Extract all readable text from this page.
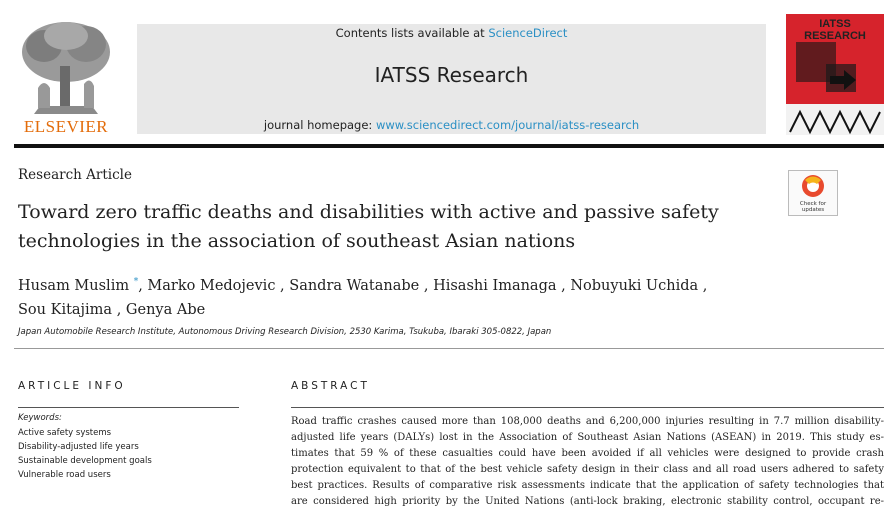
ELSEVIER
Contents lists available at ScienceDirect
IATSS Research
journal homepage: www.sciencedirect.com/journal/iatss-research
IATSS
RESEARCH
Research Article
Toward zero traffic deaths and disabilities with active and passive safety
technologies in the association of southeast Asian nations
Check for
updates
Husam Muslim *, Marko Medojevic , Sandra Watanabe , Hisashi Imanaga , Nobuyuki Uchida ,
Sou Kitajima , Genya Abe
Japan Automobile Research Institute, Autonomous Driving Research Division, 2530 Karima, Tsukuba, Ibaraki 305-0822, Japan
ARTICLE INFO
Keywords:
Active safety systems
Disability-adjusted life years
Sustainable development goals
Vulnerable road users
ABSTRACT
Road traffic crashes caused more than 108,000 deaths and 6,200,000 injuries resulting in 7.7 million disability-
adjusted life years (DALYs) lost in the Association of Southeast Asian Nations (ASEAN) in 2019. This study es-
timates that 59 % of these casualties could have been avoided if all vehicles were designed to provide crash
protection equivalent to that of the best vehicle safety design in their class and all road users adhered to safety
best practices. Results of comparative risk assessments indicate that the application of safety technologies that
are considered high priority by the United Nations (anti-lock braking, electronic stability control, occupant re-
